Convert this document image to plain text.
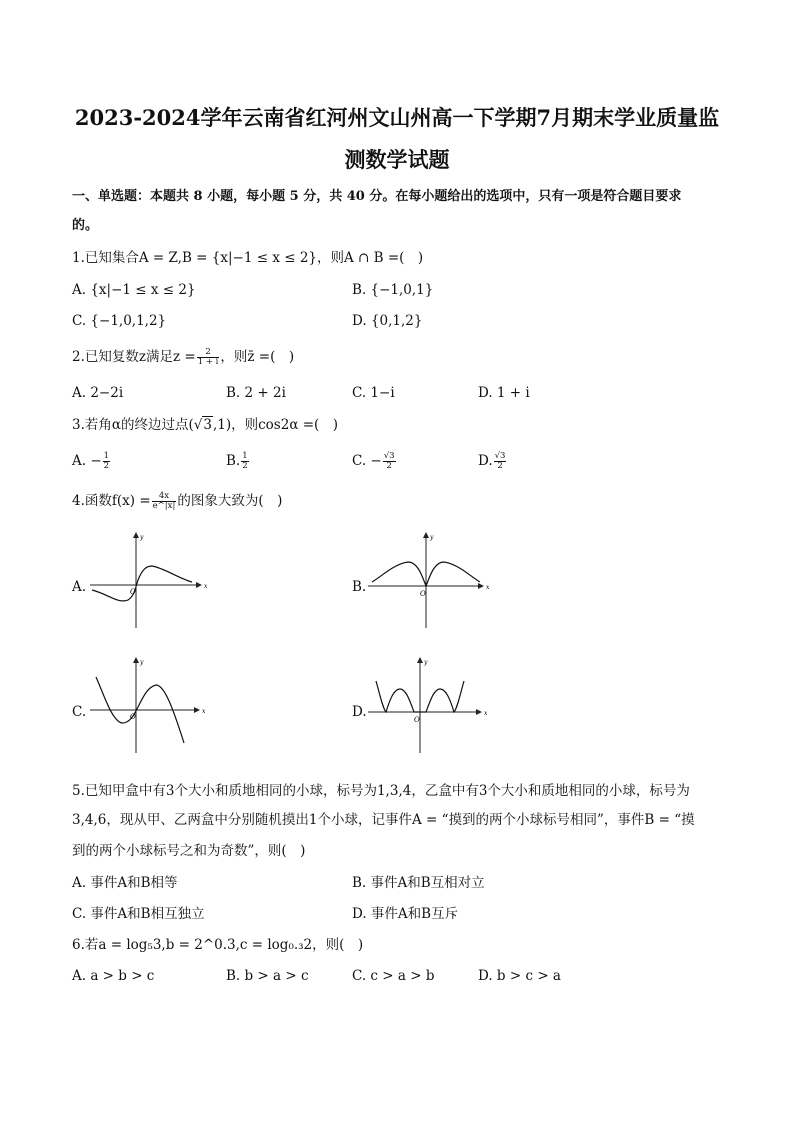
2023-2024学年云南省红河州文山州高一下学期7月期末学业质量监
测数学试题
一、单选题：本题共 8 小题，每小题 5 分，共 40 分。在每小题给出的选项中，只有一项是符合题目要求
的。
1.已知集合A = Z,B = {x|−1 ≤ x ≤ 2}，则A ∩ B =(　)
A. {x|−1 ≤ x ≤ 2}	B. {−1,0,1}
C. {−1,0,1,2}	D. {0,1,2}
2.已知复数z满足$z = \frac{2}{1 + i}$ ，则z̄ =(　)
A. 2−2i	B. 2 + 2i	C. 1−i	D. 1 + i
3.若角α的终边过点(√3,1)，则cos2α =(　)
A. − $\frac{1}{2}$	B. $\frac{1}{2}$	C. − $\frac{√3}{2}$	D. $\frac{√3}{2}$
4.函数$f(x) = \frac{4x}{e\^{}|x|}$ 的图象大致为(　)
A.	B.
C.	D.
x
y
O
x
y
O
x
y
O	x
y
O
5.已知甲盒中有3个大小和质地相同的小球，标号为1,3,4，乙盒中有3个大小和质地相同的小球，标号为
3,4,6，现从甲、乙两盒中分别随机摸出1个小球，记事件A = “摸到的两个小球标号相同”，事件B = “摸
到的两个小球标号之和为奇数”，则(　)
A. 事件A和B相等	B. 事件A和B互相对立
C. 事件A和B相互独立	D. 事件A和B互斥
6.若a = log₅3,b = 2^0.3,c = log₀.₃2，则(　)
A. a > b > c	B. b > a > c	C. c > a > b	D. b > c > a
